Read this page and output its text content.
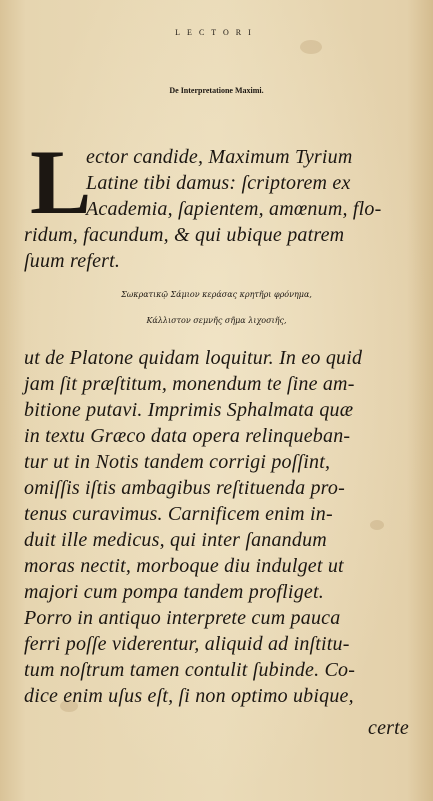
LECTORI
De Interpretatione Maximi.
L
ector candide, Maximum Tyrium
Latine tibi damus: ſcriptorem ex
Academia, ſapientem, amœnum, flo-
ridum, facundum, & qui ubique patrem
ſuum refert.
Σωκρατικῷ Σάμιον κεράσας κρητῆρι φρόνημα,
Κάλλιστον σεμνῆς σῆμα λιχοσιῆς,
ut de Platone quidam loquitur. In eo quid
jam ſit præſtitum, monendum te ſine am-
bitione putavi. Imprimis Sphalmata quæ
in textu Græco data opera relinqueban-
tur ut in Notis tandem corrigi poſſint,
omiſſis iſtis ambagibus reſtituenda pro-
tenus curavimus. Carnificem enim in-
duit ille medicus, qui inter ſanandum
moras nectit, morboque diu indulget ut
majori cum pompa tandem profliget.
Porro in antiquo interprete cum pauca
ferri poſſe viderentur, aliquid ad inſtitu-
tum noſtrum tamen contulit ſubinde. Co-
dice enim uſus eſt, ſi non optimo ubique,
certe
